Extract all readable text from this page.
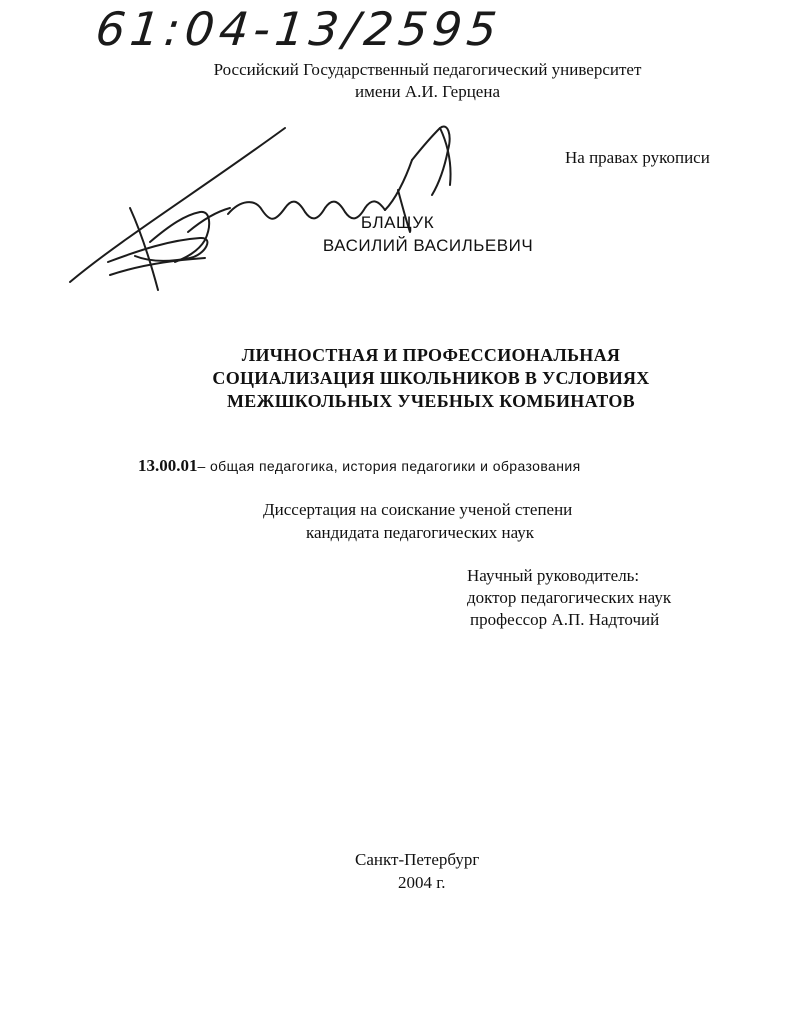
61:04-13/2595
Российский Государственный педагогический университет
имени А.И. Герцена
На правах рукописи
БЛАЩУК
ВАСИЛИЙ ВАСИЛЬЕВИЧ
ЛИЧНОСТНАЯ И ПРОФЕССИОНАЛЬНАЯ
СОЦИАЛИЗАЦИЯ ШКОЛЬНИКОВ В УСЛОВИЯХ
МЕЖШКОЛЬНЫХ УЧЕБНЫХ КОМБИНАТОВ
13.00.01– общая педагогика, история педагогики и образования
Диссертация на соискание ученой степени
кандидата педагогических наук
Научный руководитель:
доктор педагогических наук
профессор А.П. Надточий
Санкт-Петербург
2004 г.
